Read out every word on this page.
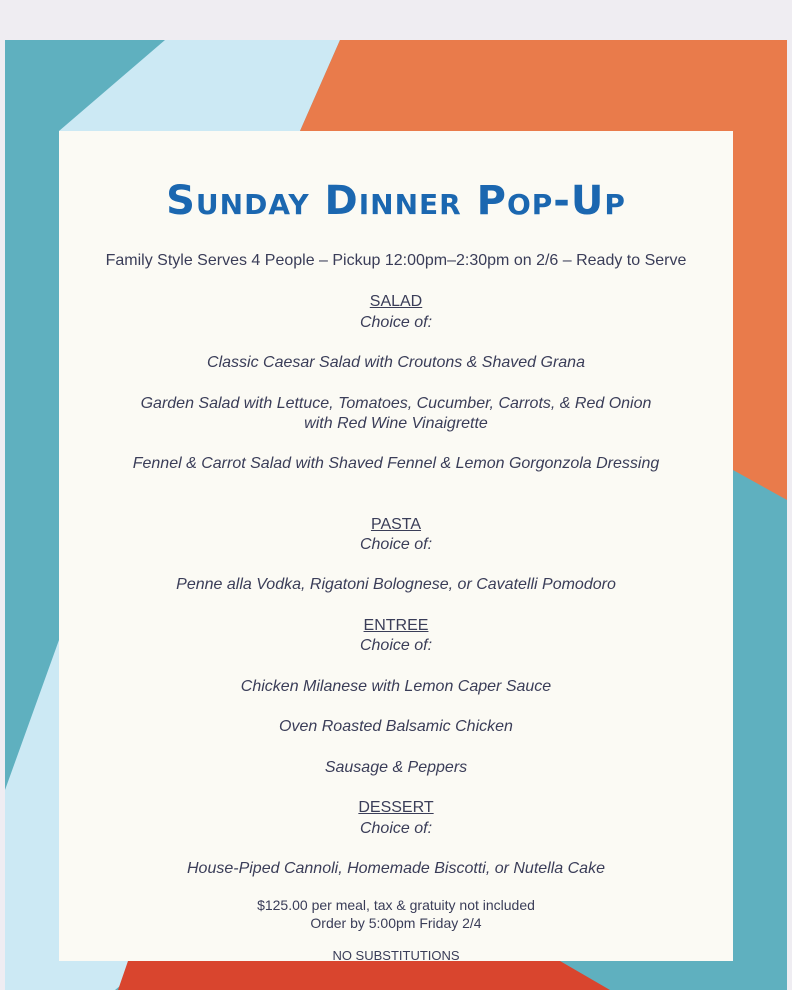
Sunday Dinner Pop-Up
Family Style Serves 4 People – Pickup 12:00pm–2:30pm on 2/6 – Ready to Serve
SALAD
Choice of:
Classic Caesar Salad with Croutons & Shaved Grana
Garden Salad with Lettuce, Tomatoes, Cucumber, Carrots, & Red Onion
with Red Wine Vinaigrette
Fennel & Carrot Salad with Shaved Fennel & Lemon Gorgonzola Dressing
PASTA
Choice of:
Penne alla Vodka, Rigatoni Bolognese, or Cavatelli Pomodoro
ENTREE
Choice of:
Chicken Milanese with Lemon Caper Sauce
Oven Roasted Balsamic Chicken
Sausage & Peppers
DESSERT
Choice of:
House-Piped Cannoli, Homemade Biscotti, or Nutella Cake
$125.00 per meal, tax & gratuity not included
Order by 5:00pm Friday 2/4
NO SUBSTITUTIONS
